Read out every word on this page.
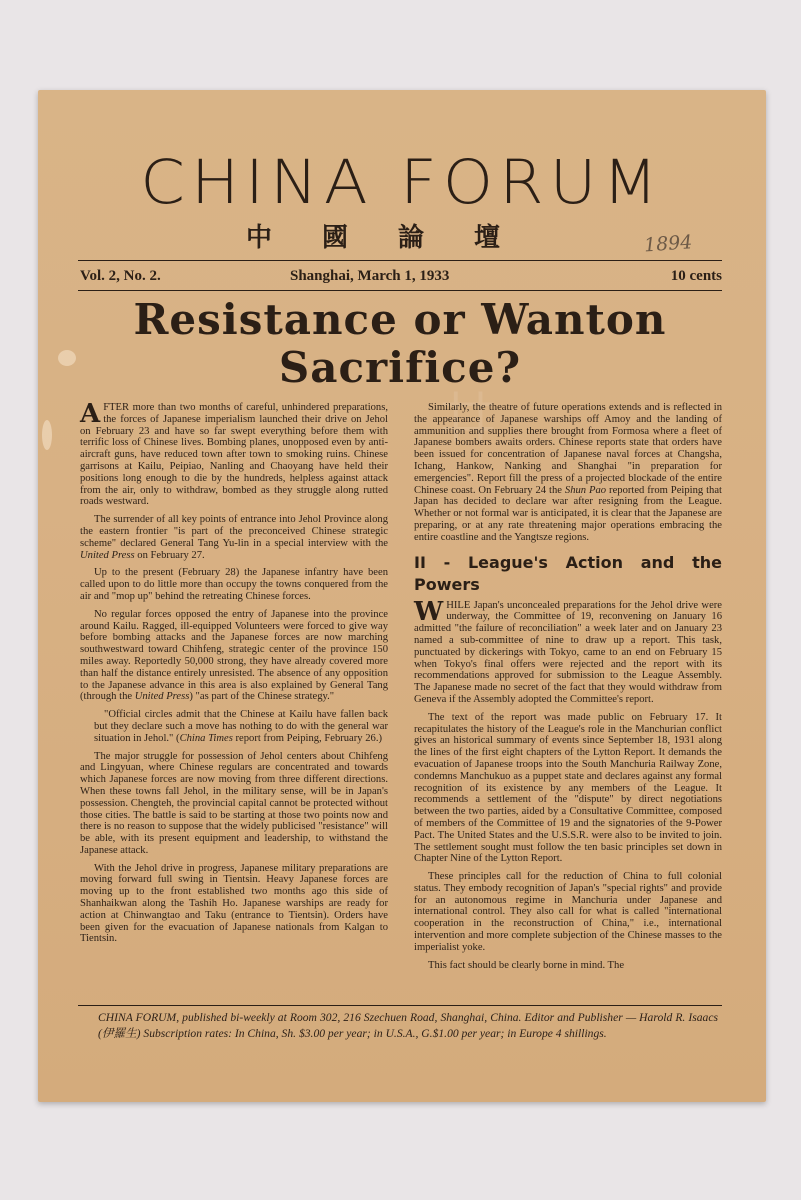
⌗
CHINA FORUM
中國論壇	1894
Vol. 2, No. 2.	Shanghai, March 1, 1933	10 cents
Resistance or Wanton
Sacrifice?

AFTER more than two months of careful, unhindered preparations, the forces of Japanese imperialism launched their drive on Jehol on February 23 and have so far swept everything before them with terrific loss of Chinese lives. Bombing planes, unopposed even by anti-aircraft guns, have reduced town after town to smoking ruins. Chinese garrisons at Kailu, Peipiao, Nanling and Chaoyang have held their positions long enough to die by the hundreds, helpless against attack from the air, only to withdraw, bombed as they struggle along rutted roads westward.

The surrender of all key points of entrance into Jehol Province along the eastern frontier "is part of the preconceived Chinese strategic scheme" declared General Tang Yu-lin in a special interview with the United Press on February 27.

Up to the present (February 28) the Japanese infantry have been called upon to do little more than occupy the towns conquered from the air and "mop up" behind the retreating Chinese forces.

No regular forces opposed the entry of Japanese into the province around Kailu. Ragged, ill-equipped Volunteers were forced to give way before bombing attacks and the Japanese forces are now marching southwestward toward Chihfeng, strategic center of the province 150 miles away. Reportedly 50,000 strong, they have already covered more than half the distance entirely unresisted. The absence of any opposition to the Japanese advance in this area is also explained by General Tang (through the United Press) "as part of the Chinese strategy."

"Official circles admit that the Chinese at Kailu have fallen back but they declare such a move has nothing to do with the general war situation in Jehol." (China Times report from Peiping, February 26.)

The major struggle for possession of Jehol centers about Chihfeng and Lingyuan, where Chinese regulars are concentrated and towards which Japanese forces are now moving from three different directions. When these towns fall Jehol, in the military sense, will be in Japan's possession. Chengteh, the provincial capital cannot be protected without those cities. The battle is said to be starting at those two points now and there is no reason to suppose that the widely publicised "resistance" will be able, with its present equipment and leadership, to withstand the Japanese attack.

With the Jehol drive in progress, Japanese military preparations are moving forward full swing in Tientsin. Heavy Japanese forces are moving up to the front established two months ago this side of Shanhaikwan along the Tashih Ho. Japanese warships are ready for action at Chinwangtao and Taku (entrance to Tientsin). Orders have been given for the evacuation of Japanese nationals from Kalgan to Tientsin.

Similarly, the theatre of future operations extends and is reflected in the appearance of Japanese warships off Amoy and the landing of ammunition and supplies there brought from Formosa where a fleet of Japanese bombers awaits orders. Chinese reports state that orders have been issued for concentration of Japanese naval forces at Changsha, Ichang, Hankow, Nanking and Shanghai "in preparation for emergencies". Report fill the press of a projected blockade of the entire Chinese coast. On February 24 the Shun Pao reported from Peiping that Japan has decided to declare war after resigning from the League. Whether or not formal war is anticipated, it is clear that the Japanese are preparing, or at any rate threatening major operations embracing the entire coastline and the Yangtsze regions.

II - League's Action and the Powers

WHILE Japan's unconcealed preparations for the Jehol drive were underway, the Committee of 19, reconvening on January 16 admitted "the failure of reconciliation" a week later and on January 23 named a sub-committee of nine to draw up a report. This task, punctuated by dickerings with Tokyo, came to an end on February 15 when Tokyo's final offers were rejected and the report with its recommendations approved for submission to the League Assembly. The Japanese made no secret of the fact that they would withdraw from Geneva if the Assembly adopted the Committee's report.

The text of the report was made public on February 17. It recapitulates the history of the League's role in the Manchurian conflict gives an historical summary of events since September 18, 1931 along the lines of the first eight chapters of the Lytton Report. It demands the evacuation of Japanese troops into the South Manchuria Railway Zone, condemns Manchukuo as a puppet state and declares against any formal recognition of its existence by any members of the League. It recommends a settlement of the "dispute" by direct negotiations between the two parties, aided by a Consultative Committee, composed of members of the Committee of 19 and the signatories of the 9-Power Pact. The United States and the U.S.S.R. were also to be invited to join. The settlement sought must follow the ten basic principles set down in Chapter Nine of the Lytton Report.

These principles call for the reduction of China to full colonial status. They embody recognition of Japan's "special rights" and provide for an autonomous regime in Manchuria under Japanese and international control. They also call for what is called "international cooperation in the reconstruction of China," i.e., international intervention and more complete subjection of the Chinese masses to the imperialist yoke.

This fact should be clearly borne in mind. The

CHINA FORUM, published bi-weekly at Room 302, 216 Szechuen Road, Shanghai, China. Editor and Publisher — Harold R. Isaacs (伊羅生) Subscription rates: In China, Sh. $3.00 per year; in U.S.A., G.$1.00 per year; in Europe 4 shillings.
